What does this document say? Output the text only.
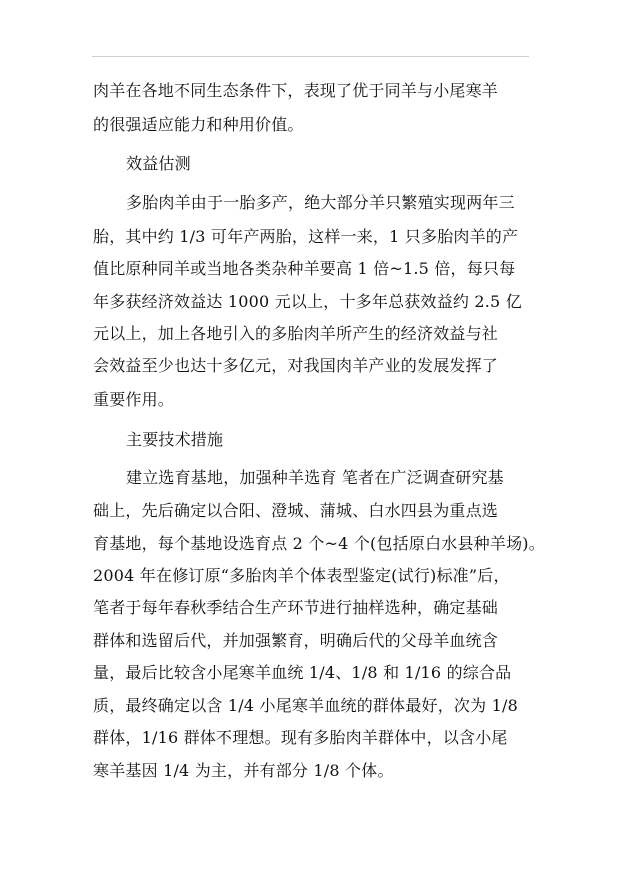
肉羊在各地不同生态条件下，表现了优于同羊与小尾寒羊
的很强适应能力和种用价值。
效益估测
多胎肉羊由于一胎多产，绝大部分羊只繁殖实现两年三
胎，其中约 1/3 可年产两胎，这样一来，1 只多胎肉羊的产
值比原种同羊或当地各类杂种羊要高 1 倍~1.5 倍，每只每
年多获经济效益达 1000 元以上，十多年总获效益约 2.5 亿
元以上，加上各地引入的多胎肉羊所产生的经济效益与社
会效益至少也达十多亿元，对我国肉羊产业的发展发挥了
重要作用。
主要技术措施
建立选育基地，加强种羊选育 笔者在广泛调查研究基
础上，先后确定以合阳、澄城、蒲城、白水四县为重点选
育基地，每个基地设选育点 2 个~4 个(包括原白水县种羊场)。
2004 年在修订原“多胎肉羊个体表型鉴定(试行)标准”后，
笔者于每年春秋季结合生产环节进行抽样选种，确定基础
群体和选留后代，并加强繁育，明确后代的父母羊血统含
量，最后比较含小尾寒羊血统 1/4、1/8 和 1/16 的综合品
质，最终确定以含 1/4 小尾寒羊血统的群体最好，次为 1/8
群体，1/16 群体不理想。现有多胎肉羊群体中，以含小尾
寒羊基因 1/4 为主，并有部分 1/8 个体。
